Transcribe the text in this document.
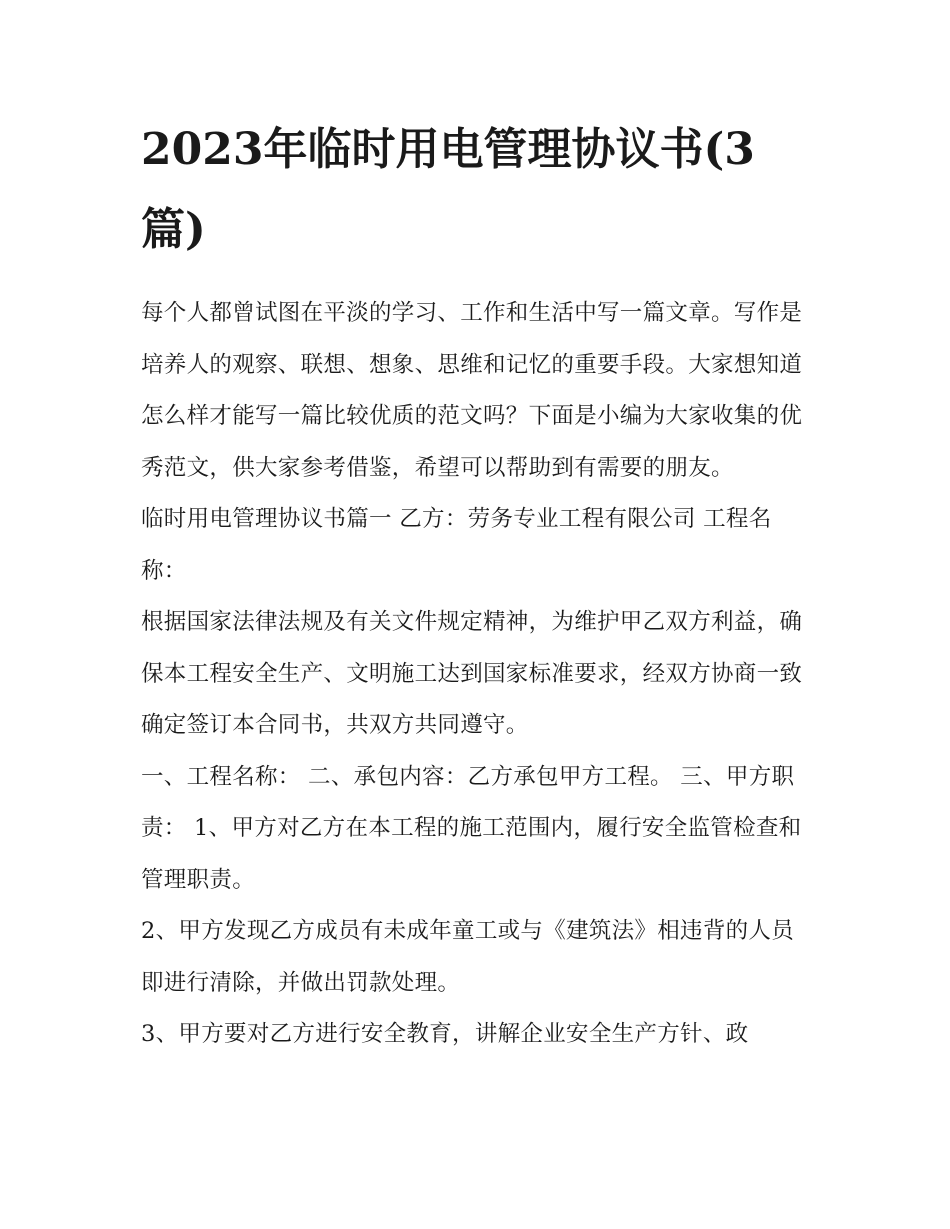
2023年临时用电管理协议书(3篇)

每个人都曾试图在平淡的学习、工作和生活中写一篇文章。写作是培养人的观察、联想、想象、思维和记忆的重要手段。大家想知道怎么样才能写一篇比较优质的范文吗？下面是小编为大家收集的优秀范文，供大家参考借鉴，希望可以帮助到有需要的朋友。

临时用电管理协议书篇一 乙方：劳务专业工程有限公司 工程名称：

根据国家法律法规及有关文件规定精神，为维护甲乙双方利益，确保本工程安全生产、文明施工达到国家标准要求，经双方协商一致确定签订本合同书，共双方共同遵守。

一、工程名称： 二、承包内容：乙方承包甲方工程。 三、甲方职责： 1、甲方对乙方在本工程的施工范围内，履行安全监管检查和管理职责。

2、甲方发现乙方成员有未成年童工或与《建筑法》相违背的人员即进行清除，并做出罚款处理。

3、甲方要对乙方进行安全教育，讲解企业安全生产方针、政
